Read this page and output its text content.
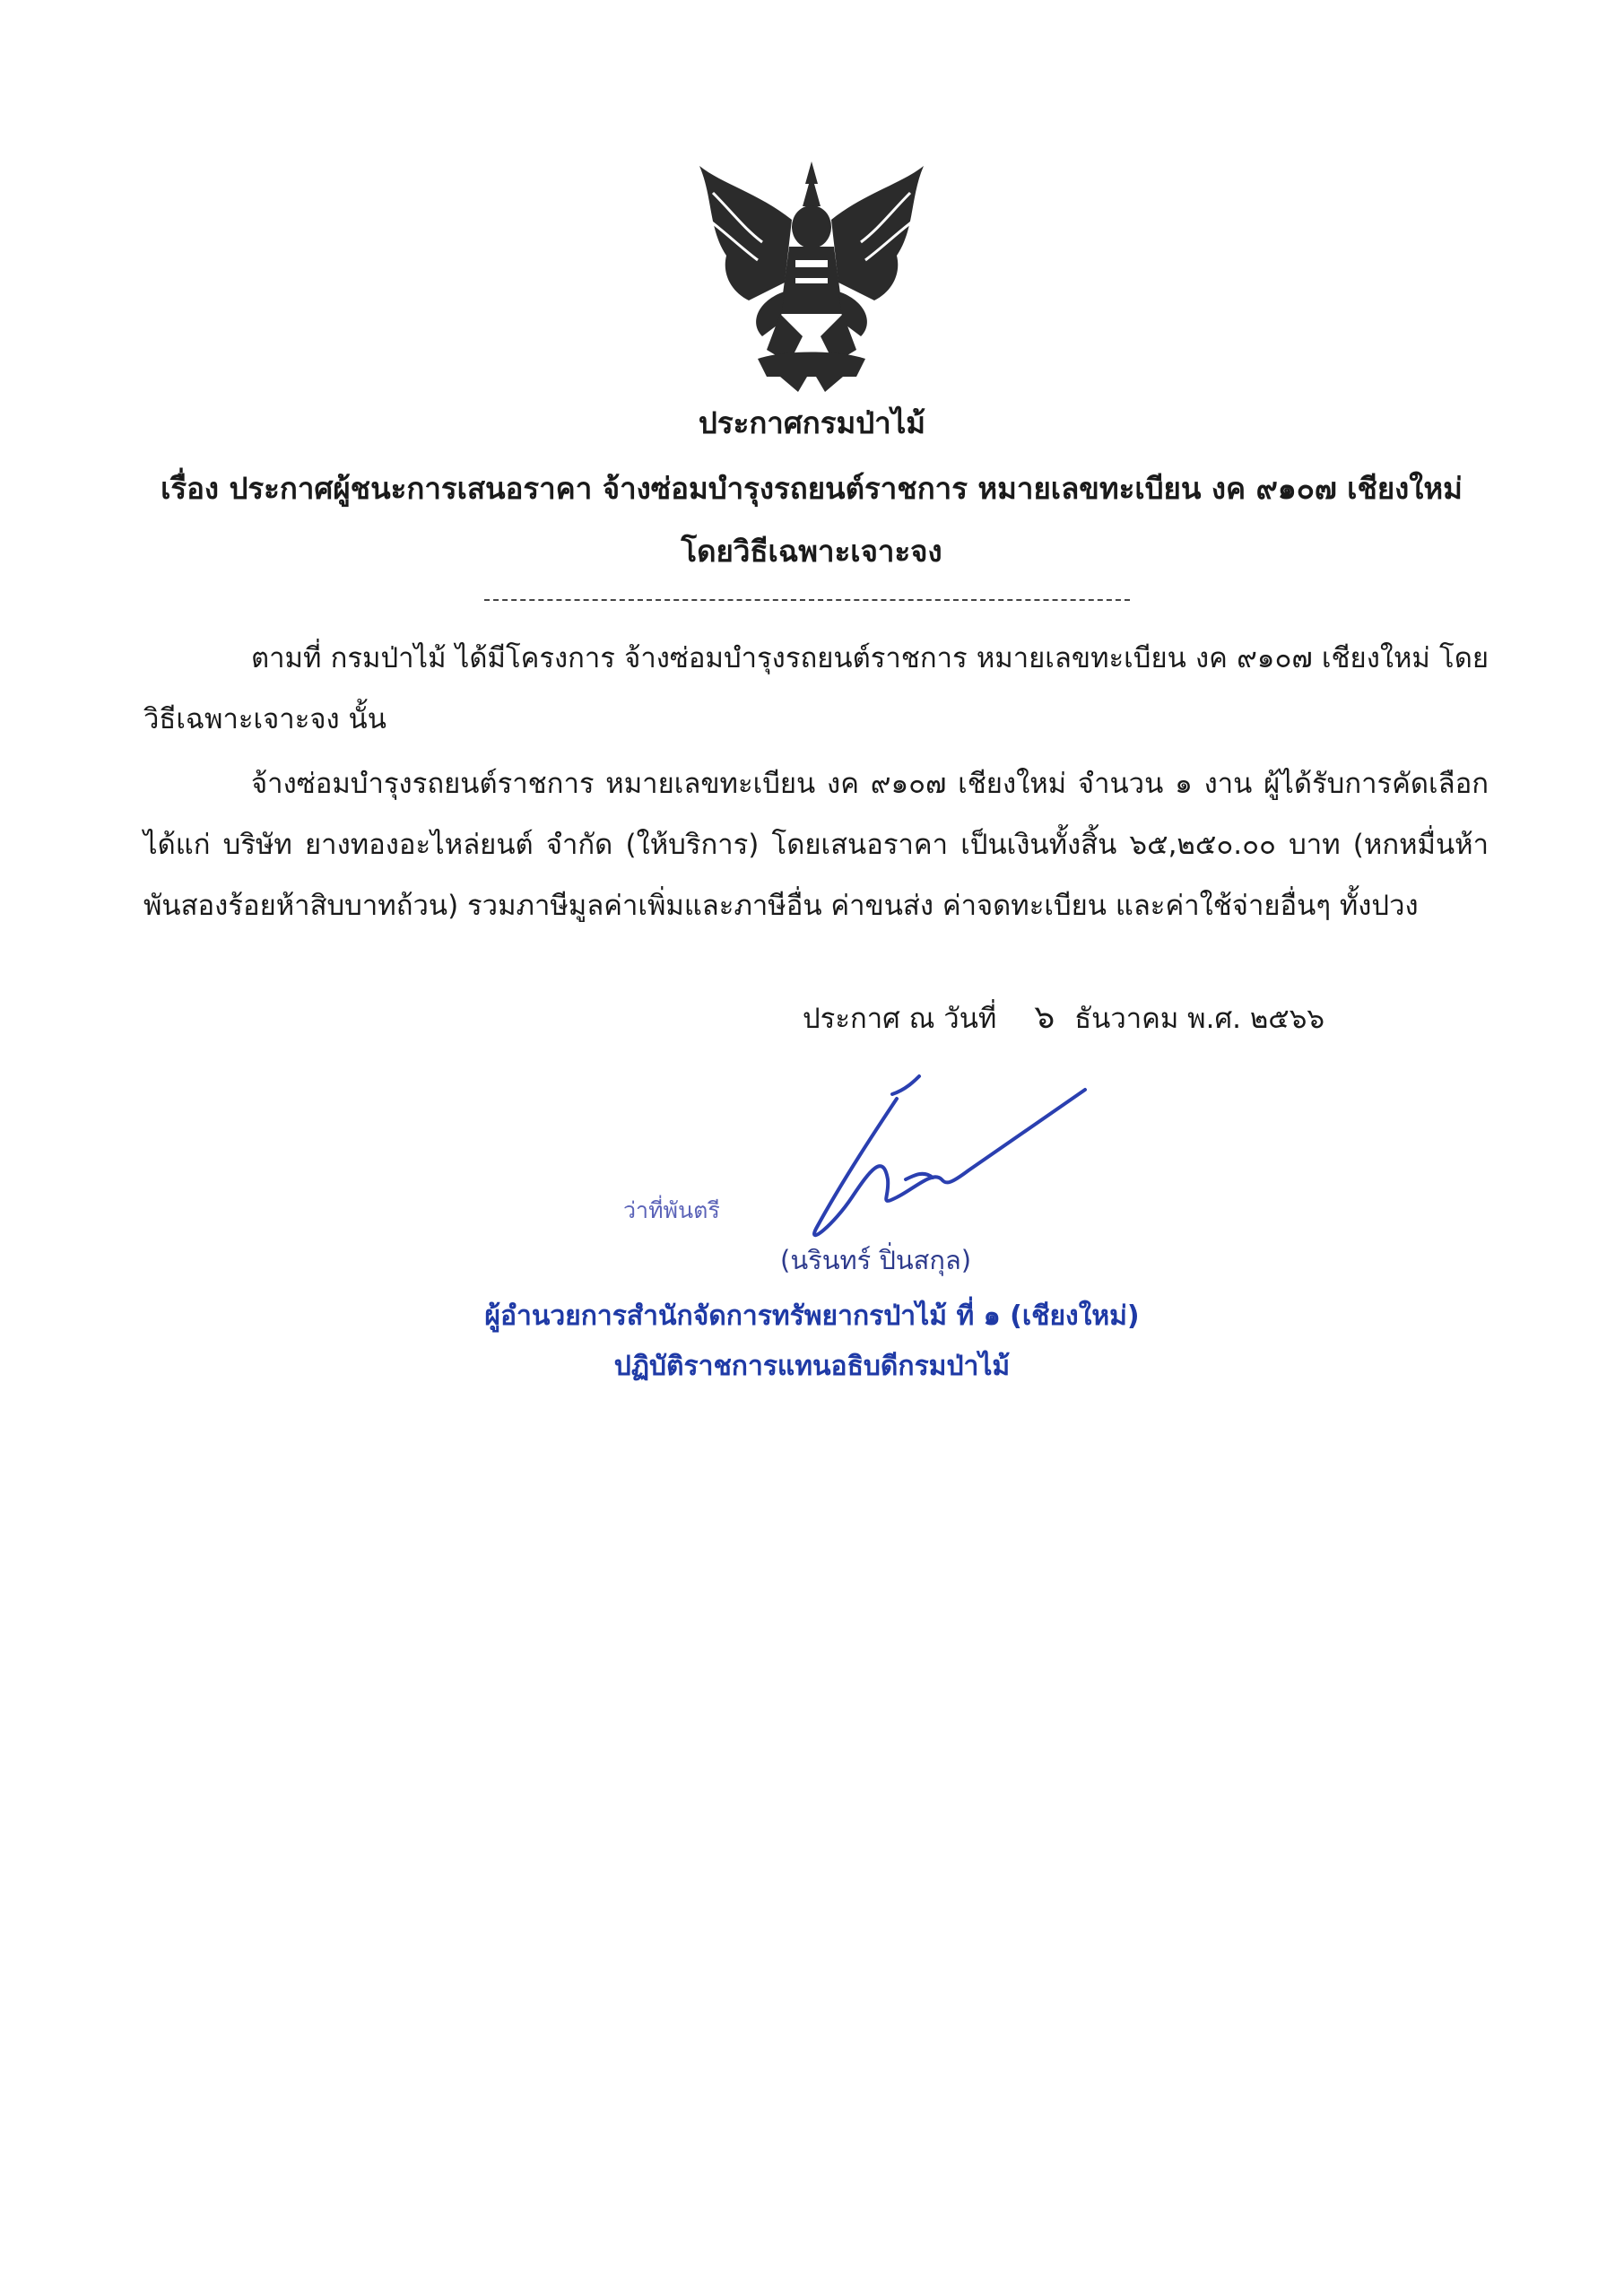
ประกาศกรมป่าไม้
เรื่อง ประกาศผู้ชนะการเสนอราคา จ้างซ่อมบำรุงรถยนต์ราชการ หมายเลขทะเบียน งค ๙๑๐๗ เชียงใหม่ โดยวิธีเฉพาะเจาะจง
ตามที่ กรมป่าไม้ ได้มีโครงการ จ้างซ่อมบำรุงรถยนต์ราชการ หมายเลขทะเบียน งค ๙๑๐๗ เชียงใหม่ โดยวิธีเฉพาะเจาะจง นั้น
จ้างซ่อมบำรุงรถยนต์ราชการ หมายเลขทะเบียน งค ๙๑๐๗ เชียงใหม่ จำนวน ๑ งาน ผู้ได้รับการคัดเลือก ได้แก่ บริษัท ยางทองอะไหล่ยนต์ จำกัด (ให้บริการ) โดยเสนอราคา เป็นเงินทั้งสิ้น ๖๕,๒๕๐.๐๐ บาท (หกหมื่นห้าพันสองร้อยห้าสิบบาทถ้วน) รวมภาษีมูลค่าเพิ่มและภาษีอื่น ค่าขนส่ง ค่าจดทะเบียน และค่าใช้จ่ายอื่นๆ ทั้งปวง
ประกาศ ณ วันที่ ๖ ธันวาคม พ.ศ. ๒๕๖๖
ว่าที่พันตรี
(นรินทร์ ปิ่นสกุล)
ผู้อำนวยการสำนักจัดการทรัพยากรป่าไม้ ที่ ๑ (เชียงใหม่)
ปฏิบัติราชการแทนอธิบดีกรมป่าไม้
